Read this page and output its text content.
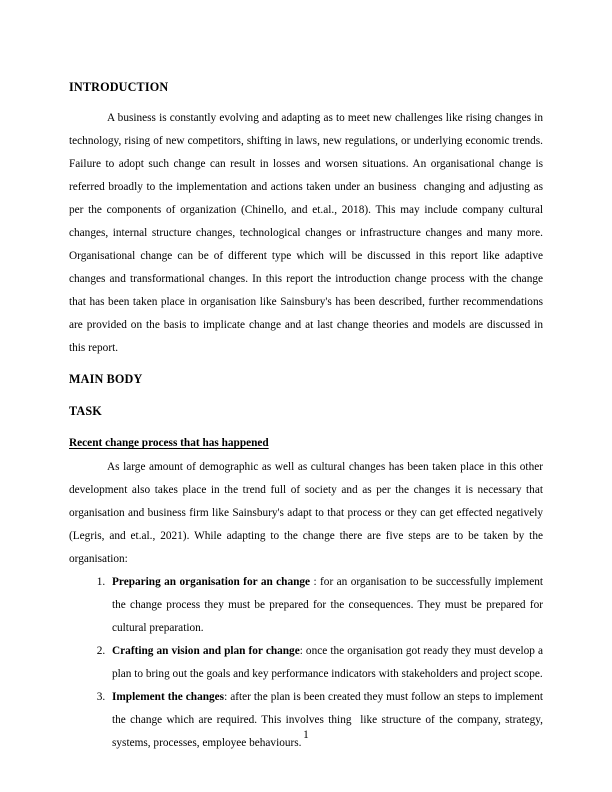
INTRODUCTION

A business is constantly evolving and adapting as to meet new challenges like rising changes in technology, rising of new competitors, shifting in laws, new regulations, or underlying economic trends. Failure to adopt such change can result in losses and worsen situations. An organisational change is referred broadly to the implementation and actions taken under an business  changing and adjusting as per the components of organization (Chinello, and et.al., 2018). This may include company cultural changes, internal structure changes, technological changes or infrastructure changes and many more. Organisational change can be of different type which will be discussed in this report like adaptive changes and transformational changes. In this report the introduction change process with the change that has been taken place in organisation like Sainsbury's has been described, further recommendations are provided on the basis to implicate change and at last change theories and models are discussed in this report.

MAIN BODY
TASK
Recent change process that has happened

As large amount of demographic as well as cultural changes has been taken place in this other development also takes place in the trend full of society and as per the changes it is necessary that organisation and business firm like Sainsbury's adapt to that process or they can get effected negatively  (Legris, and et.al., 2021). While adapting to the change there are five steps are to be taken by the organisation:

1. Preparing an organisation for an change : for an organisation to be successfully implement the change process they must be prepared for the consequences. They must be prepared for cultural preparation.
2. Crafting an vision and plan for change: once the organisation got ready they must develop a plan to bring out the goals and key performance indicators with stakeholders and project scope.
3. Implement the changes: after the plan is been created they must follow an steps to implement the change which are required. This involves thing  like structure of the company, strategy, systems, processes, employee behaviours.
1
